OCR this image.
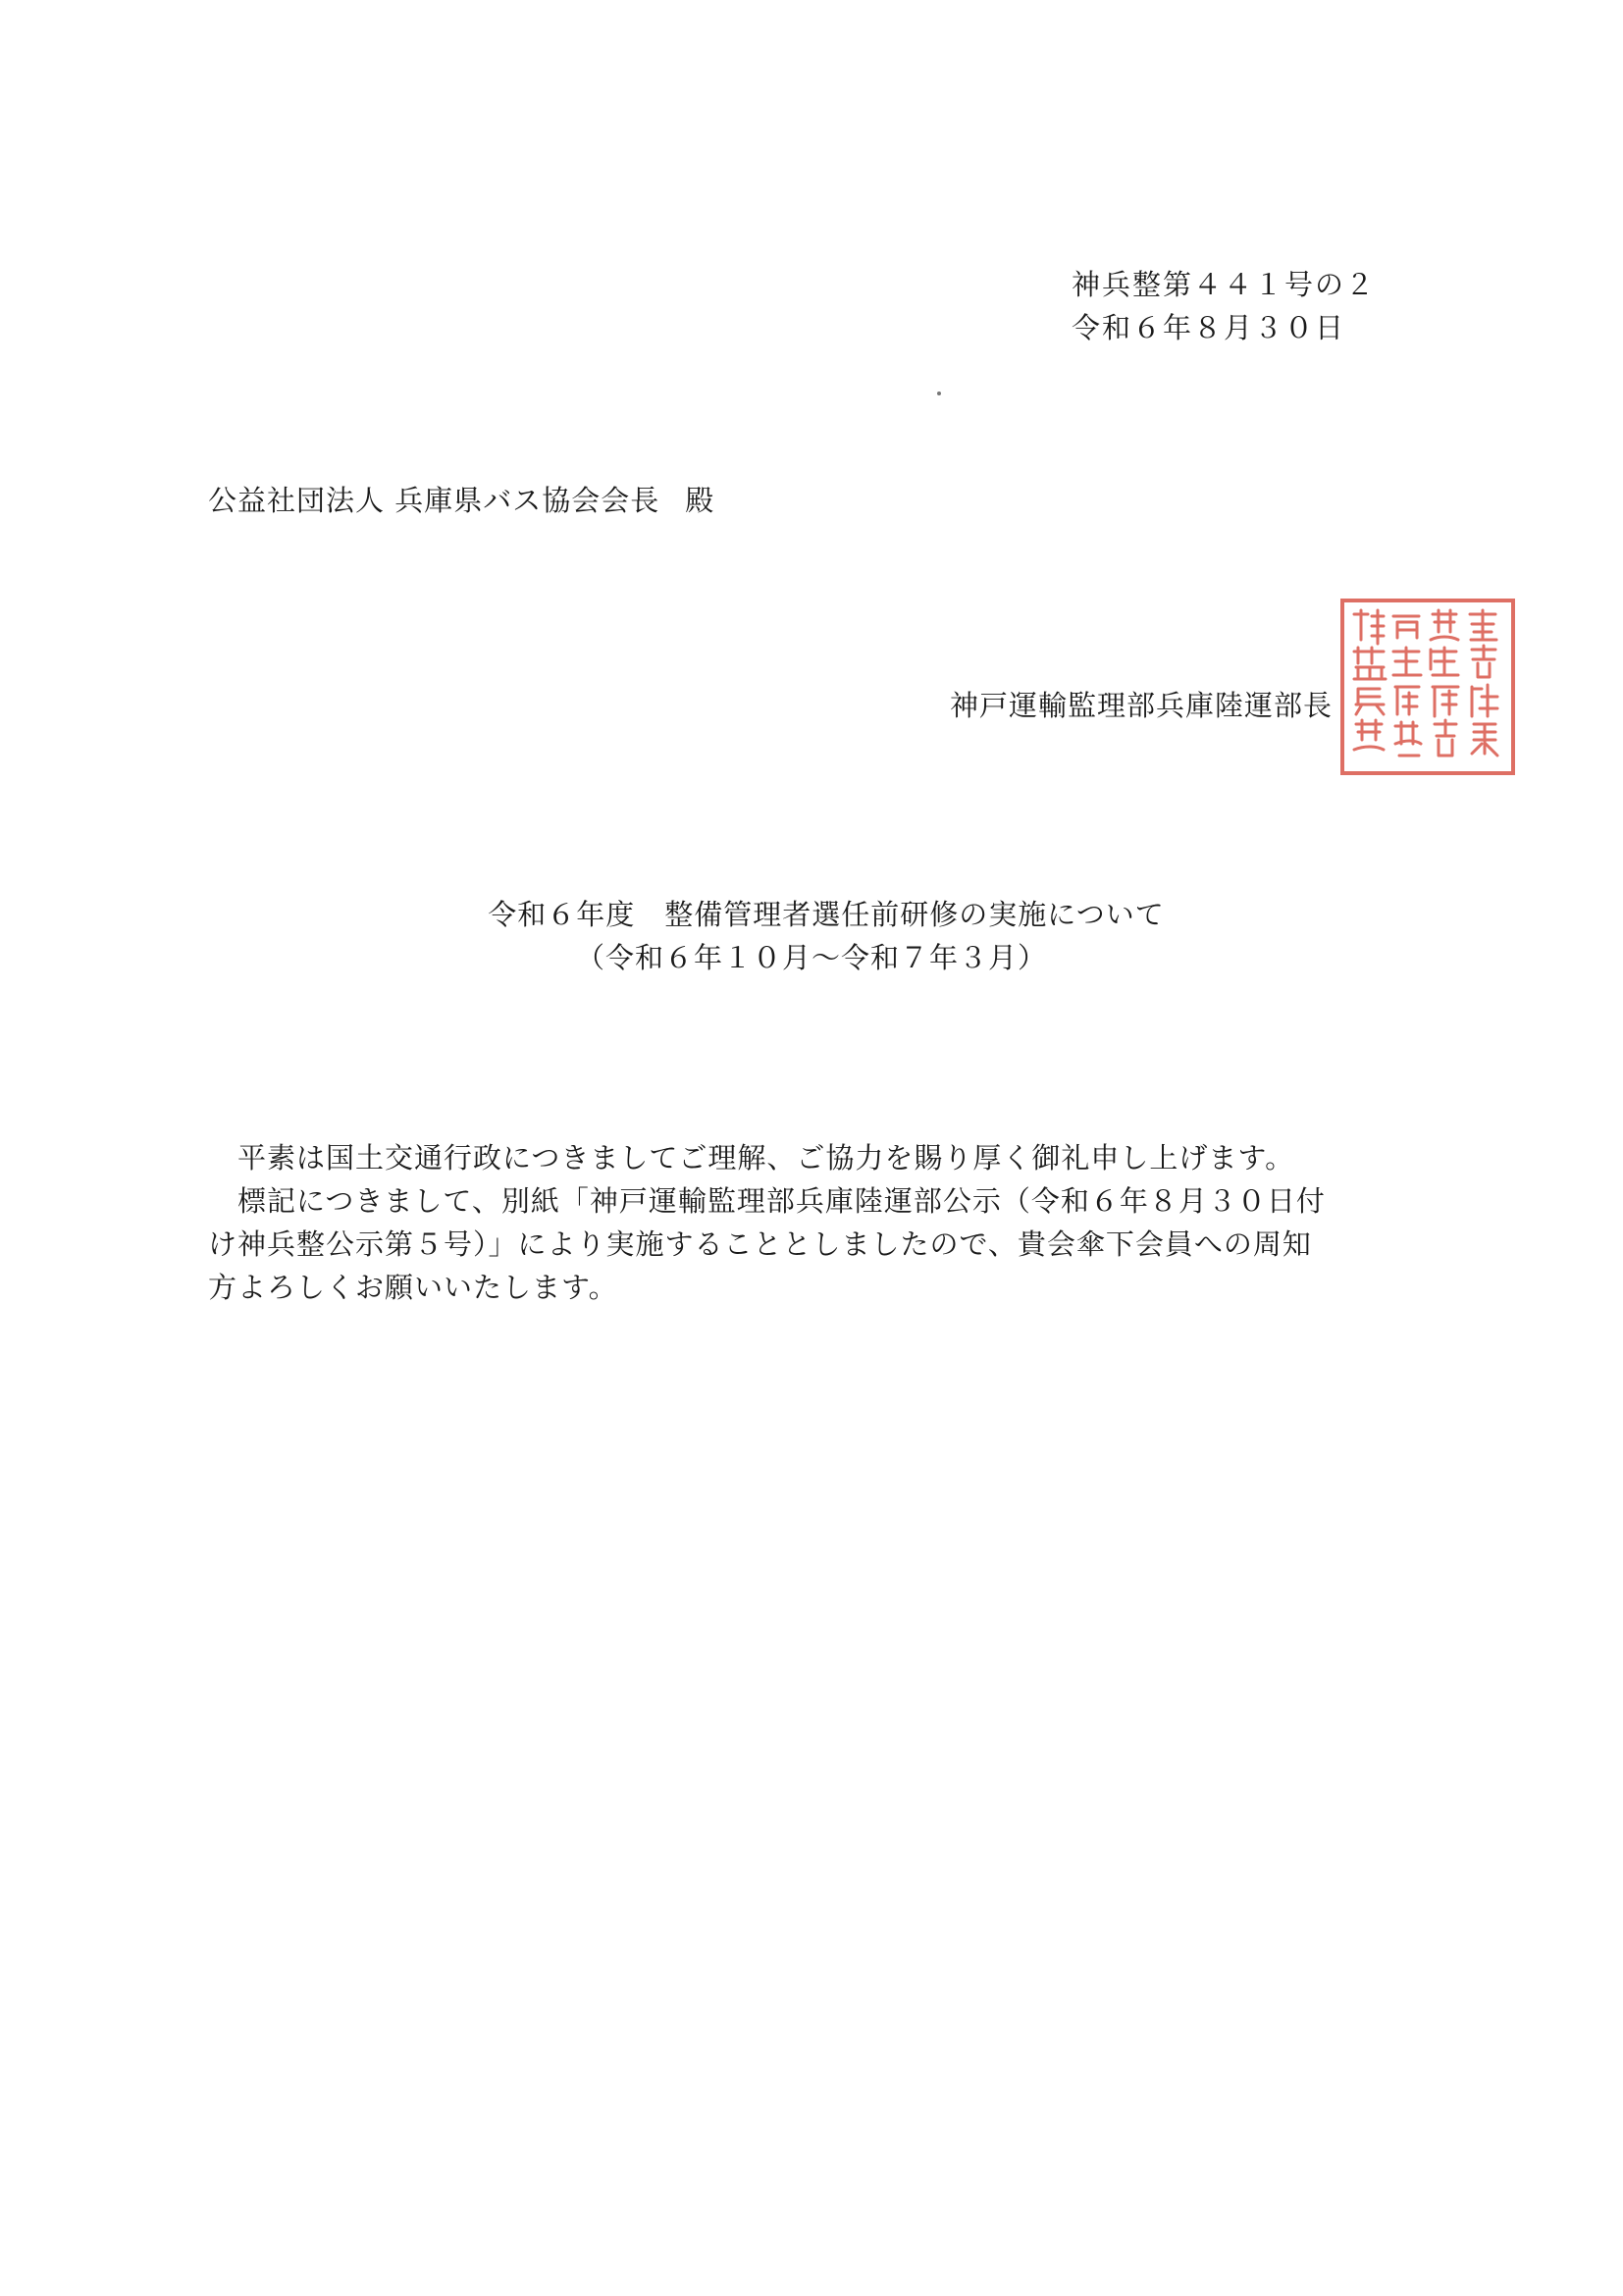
神兵整第４４１号の２
令和６年８月３０日
公益社団法人 兵庫県バス協会会長 殿
神戸運輸監理部兵庫陸運部長
令和６年度　整備管理者選任前研修の実施について
（令和６年１０月～令和７年３月）

平素は国土交通行政につきましてご理解、ご協力を賜り厚く御礼申し上げます。

標記につきまして、別紙「神戸運輸監理部兵庫陸運部公示（令和６年８月３０日付

け神兵整公示第５号）」により実施することとしましたので、貴会傘下会員への周知

方よろしくお願いいたします。
